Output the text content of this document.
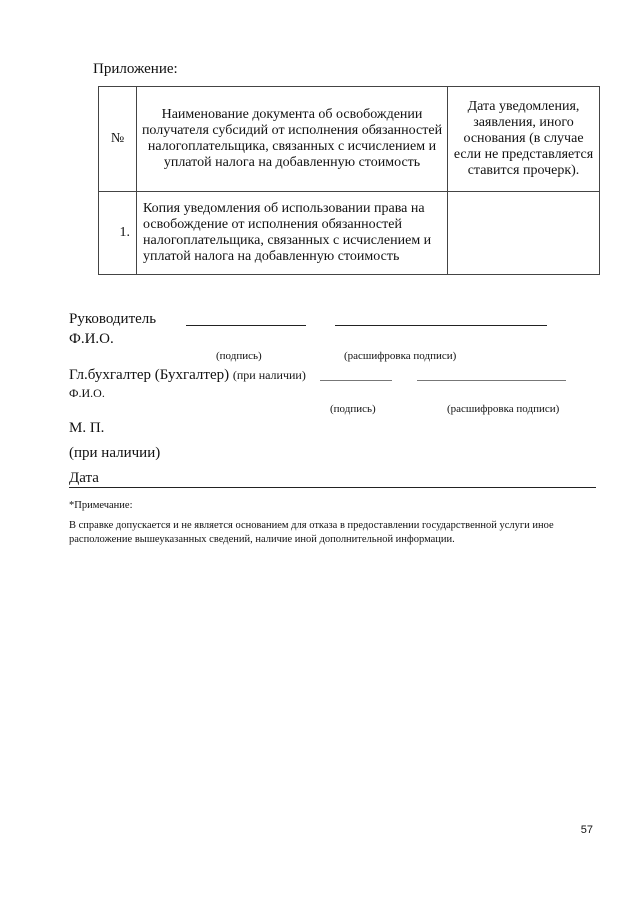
Приложение:
№	Наименование документа об освобождении получателя субсидий от исполнения обязанностей налогоплательщика, связанных с исчислением и уплатой налога на добавленную стоимость	Дата уведомления, заявления, иного основания (в случае если не представляется ставится прочерк).
1.	Копия уведомления об использовании права на освобождение от исполнения обязанностей налогоплательщика, связанных с исчислением и уплатой налога на добавленную стоимость	
Руководитель
Ф.И.О.
(подпись)	(расшифровка подписи)
Гл.бухгалтер (Бухгалтер) (при наличии)
Ф.И.О.
(подпись)	(расшифровка подписи)
М. П.
(при наличии)
Дата
*Примечание:
В справке допускается и не является основанием для отказа в предоставлении государственной услуги иное расположение вышеуказанных сведений, наличие иной дополнительной информации.
57
